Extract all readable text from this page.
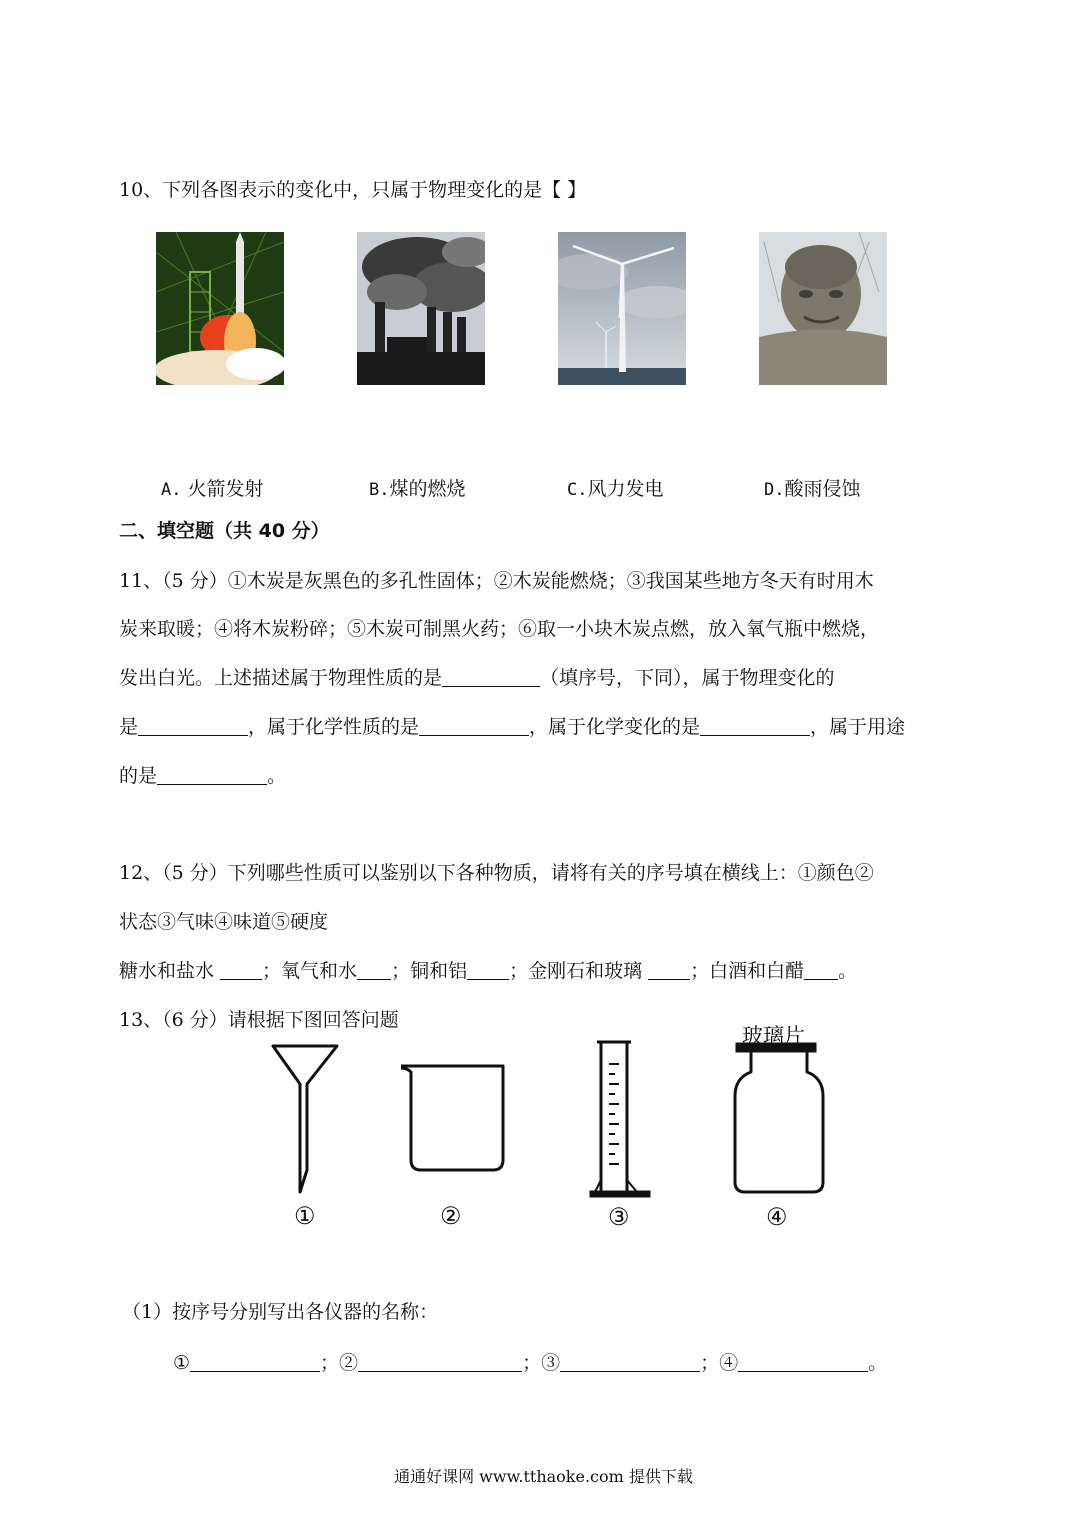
10、下列各图表示的变化中，只属于物理变化的是【 】
A. 火箭发射	B.煤的燃烧	C.风力发电	D.酸雨侵蚀
二、填空题（共 40 分）
11、（5 分）①木炭是灰黑色的多孔性固体；②木炭能燃烧；③我国某些地方冬天有时用木
炭来取暖；④将木炭粉碎；⑤木炭可制黑火药；⑥取一小块木炭点燃，放入氧气瓶中燃烧，
发出白光。上述描述属于物理性质的是	（填序号，下同），属于物理变化的
是	，属于化学性质的是	，属于化学变化的是	，属于用途
的是	。
12、（5 分）下列哪些性质可以鉴别以下各种物质，请将有关的序号填在横线上：①颜色②
状态③气味④味道⑤硬度
糖水和盐水 ；氧气和水 ；铜和铝 ；金刚石和玻璃 ；白酒和白醋 。
13、（6 分）请根据下图回答问题
玻璃片
①	②	③	④
（1）按序号分别写出各仪器的名称：
①	；②	；③	；④	。
通通好课网 www.tthaoke.com 提供下载
